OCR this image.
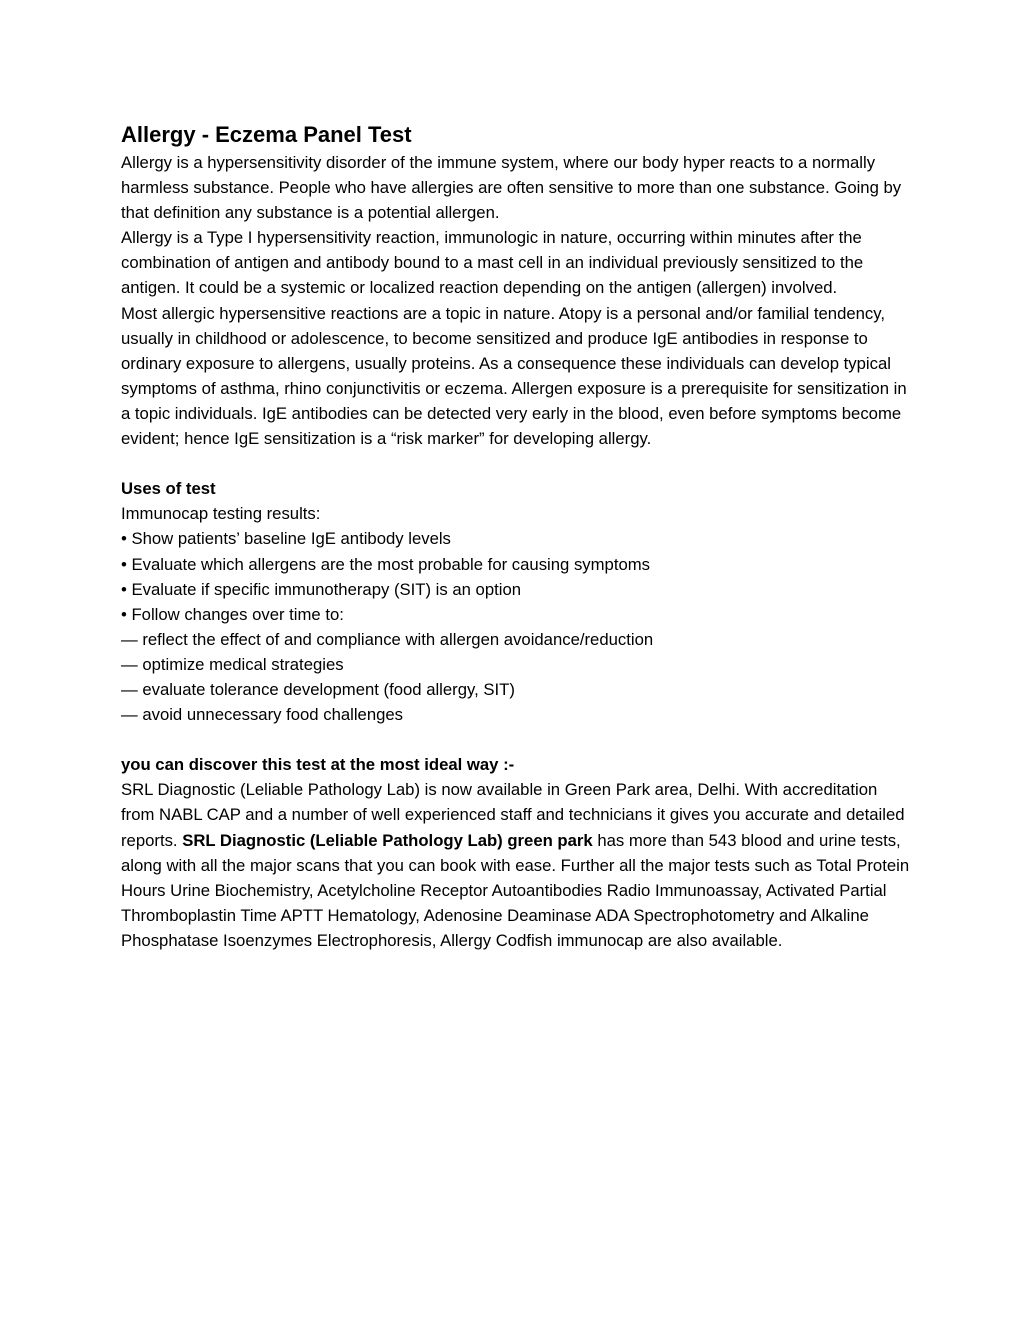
Allergy - Eczema Panel Test

Allergy is a hypersensitivity disorder of the immune system, where our body hyper reacts to a normally harmless substance. People who have allergies are often sensitive to more than one substance. Going by that definition any substance is a potential allergen.

Allergy is a Type I hypersensitivity reaction, immunologic in nature, occurring within minutes after the combination of antigen and antibody bound to a mast cell in an individual previously sensitized to the antigen. It could be a systemic or localized reaction depending on the antigen (allergen) involved.

Most allergic hypersensitive reactions are a topic in nature. Atopy is a personal and/or familial tendency, usually in childhood or adolescence, to become sensitized and produce IgE antibodies in response to ordinary exposure to allergens, usually proteins. As a consequence these individuals can develop typical symptoms of asthma, rhino conjunctivitis or eczema. Allergen exposure is a prerequisite for sensitization in a topic individuals. IgE antibodies can be detected very early in the blood, even before symptoms become evident; hence IgE sensitization is a “risk marker” for developing allergy.

Uses of test

Immunocap testing results:

• Show patients’ baseline IgE antibody levels

• Evaluate which allergens are the most probable for causing symptoms

• Evaluate if specific immunotherapy (SIT) is an option

• Follow changes over time to:

— reflect the effect of and compliance with allergen avoidance/reduction

— optimize medical strategies

— evaluate tolerance development (food allergy, SIT)

— avoid unnecessary food challenges

you can discover this test at the most ideal way :-

SRL Diagnostic (Leliable Pathology Lab) is now available in Green Park area, Delhi. With accreditation from NABL CAP and a number of well experienced staff and technicians it gives you accurate and detailed reports. SRL Diagnostic (Leliable Pathology Lab) green park has more than 543 blood and urine tests, along with all the major scans that you can book with ease. Further all the major tests such as Total Protein Hours Urine Biochemistry, Acetylcholine Receptor Autoantibodies Radio Immunoassay, Activated Partial Thromboplastin Time APTT Hematology, Adenosine Deaminase ADA Spectrophotometry and Alkaline Phosphatase Isoenzymes Electrophoresis, Allergy Codfish immunocap are also available.
